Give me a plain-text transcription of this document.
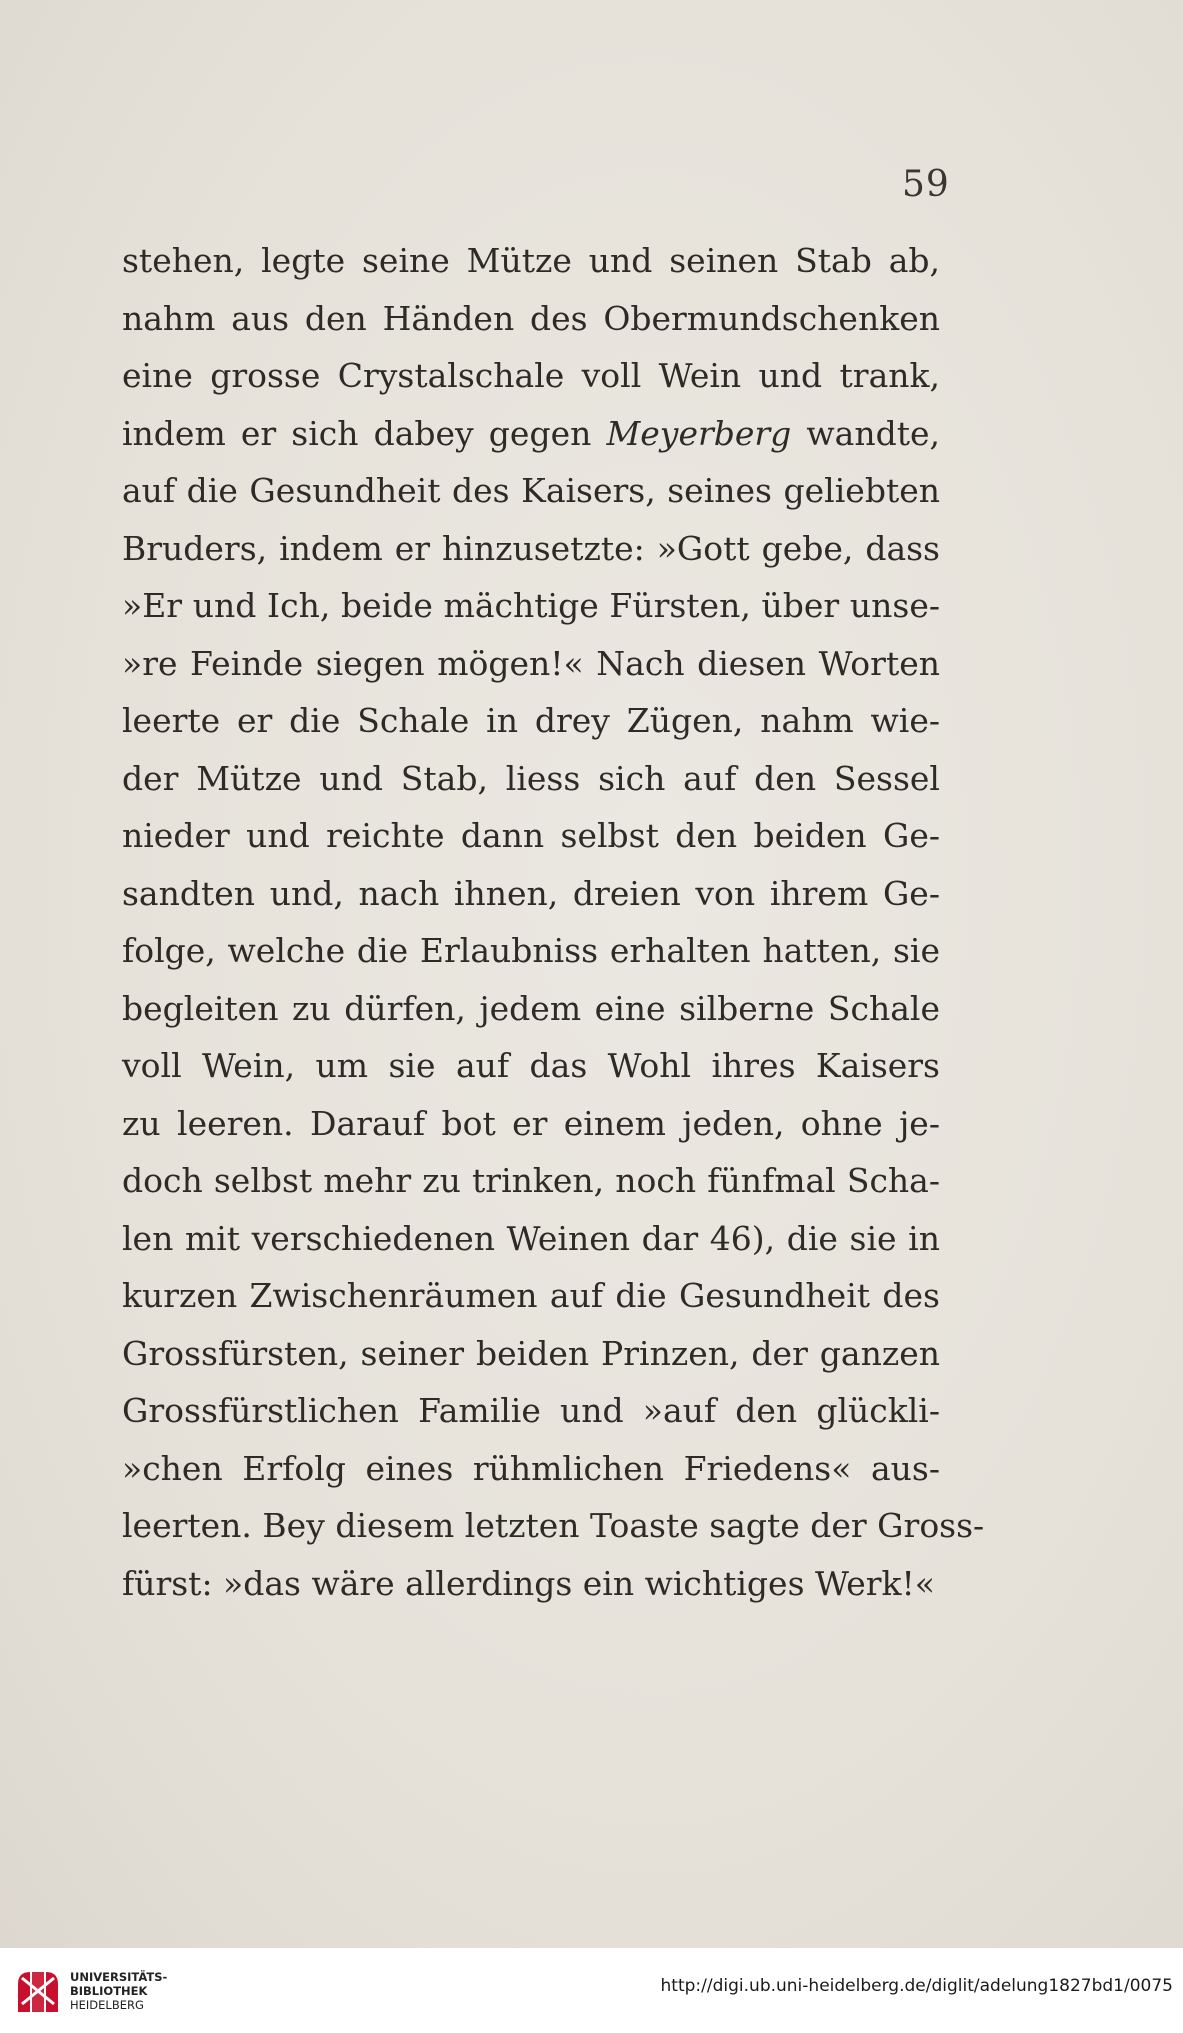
59
stehen, legte seine Mütze und seinen Stab ab,
nahm aus den Händen des Obermundschenken
eine grosse Crystalschale voll Wein und trank,
indem er sich dabey gegen Meyerberg wandte,
auf die Gesundheit des Kaisers, seines geliebten
Bruders, indem er hinzusetzte: »Gott gebe, dass
»Er und Ich, beide mächtige Fürsten, über unse-
»re Feinde siegen mögen!« Nach diesen Worten
leerte er die Schale in drey Zügen, nahm wie-
der Mütze und Stab, liess sich auf den Sessel
nieder und reichte dann selbst den beiden Ge-
sandten und, nach ihnen, dreien von ihrem Ge-
folge, welche die Erlaubniss erhalten hatten, sie
begleiten zu dürfen, jedem eine silberne Schale
voll Wein, um sie auf das Wohl ihres Kaisers
zu leeren. Darauf bot er einem jeden, ohne je-
doch selbst mehr zu trinken, noch fünfmal Scha-
len mit verschiedenen Weinen dar 46), die sie in
kurzen Zwischenräumen auf die Gesundheit des
Grossfürsten, seiner beiden Prinzen, der ganzen
Grossfürstlichen Familie und »auf den glückli-
»chen Erfolg eines rühmlichen Friedens« aus-
leerten. Bey diesem letzten Toaste sagte der Gross-
fürst: »das wäre allerdings ein wichtiges Werk!«
UNIVERSITÄTS-
BIBLIOTHEK
HEIDELBERG
http://digi.ub.uni-heidelberg.de/diglit/adelung1827bd1/0075
